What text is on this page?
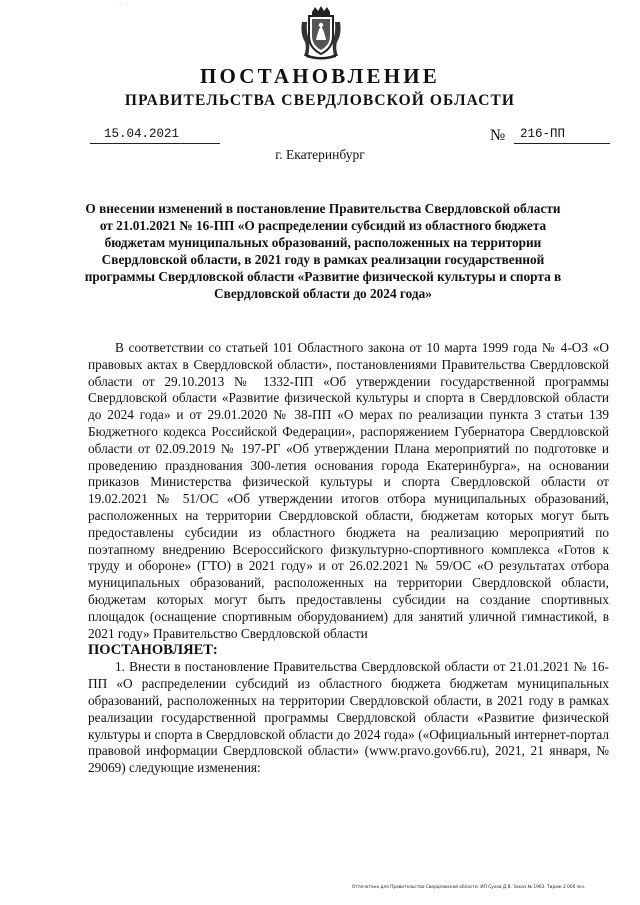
˙   ˈ
ПОСТАНОВЛЕНИЕ
ПРАВИТЕЛЬСТВА СВЕРДЛОВСКОЙ ОБЛАСТИ
15.04.2021	№ 216-ПП
г. Екатеринбург
О внесении изменений в постановление Правительства Свердловской области от 21.01.2021 № 16-ПП «О распределении субсидий из областного бюджета бюджетам муниципальных образований, расположенных на территории Свердловской области, в 2021 году в рамках реализации государственной программы Свердловской области «Развитие физической культуры и спорта в Свердловской области до 2024 года»

В соответствии со статьей 101 Областного закона от 10 марта 1999 года № 4-ОЗ «О правовых актах в Свердловской области», постановлениями Правительства Свердловской области от 29.10.2013 № 1332-ПП «Об утверждении государственной программы Свердловской области «Развитие физической культуры и спорта в Свердловской области до 2024 года» и от 29.01.2020 № 38-ПП «О мерах по реализации пункта 3 статьи 139 Бюджетного кодекса Российской Федерации», распоряжением Губернатора Свердловской области от 02.09.2019 № 197-РГ «Об утверждении Плана мероприятий по подготовке и проведению празднования 300-летия основания города Екатеринбурга», на основании приказов Министерства физической культуры и спорта Свердловской области от 19.02.2021 № 51/ОС «Об утверждении итогов отбора муниципальных образований, расположенных на территории Свердловской области, бюджетам которых могут быть предоставлены субсидии из областного бюджета на реализацию мероприятий по поэтапному внедрению Всероссийского физкультурно-спортивного комплекса «Готов к труду и обороне» (ГТО) в 2021 году» и от 26.02.2021 № 59/ОС «О результатах отбора муниципальных образований, расположенных на территории Свердловской области, бюджетам которых могут быть предоставлены субсидии на создание спортивных площадок (оснащение спортивным оборудованием) для занятий уличной гимнастикой, в 2021 году» Правительство Свердловской области

ПОСТАНОВЛЯЕТ:

1. Внести в постановление Правительства Свердловской области от 21.01.2021 № 16-ПП «О распределении субсидий из областного бюджета бюджетам муниципальных образований, расположенных на территории Свердловской области, в 2021 году в рамках реализации государственной программы Свердловской области «Развитие физической культуры и спорта в Свердловской области до 2024 года» («Официальный интернет-портал правовой информации Свердловской области» (www.pravo.gov66.ru), 2021, 21 января, № 29069) следующие изменения:

Отпечатано для Правительства Свердловской области. ИП Сухов Д.В. Заказ № 1963. Тираж 2 000 экз.
